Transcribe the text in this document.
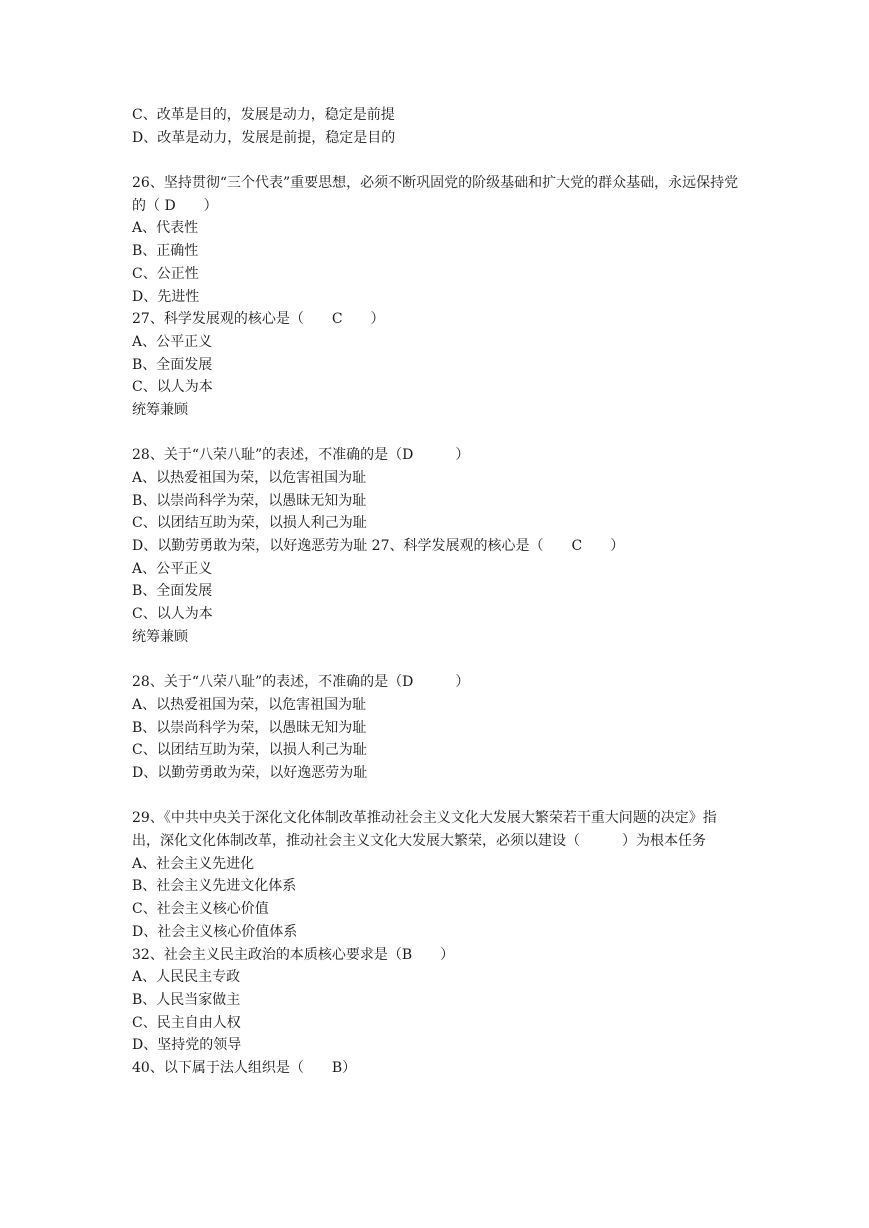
C、改革是目的，发展是动力，稳定是前提
D、改革是动力，发展是前提，稳定是目的
26、坚持贯彻“三个代表”重要思想，必须不断巩固党的阶级基础和扩大党的群众基础，永远保持党的（ D　　）
A、代表性
B、正确性
C、公正性
D、先进性
27、科学发展观的核心是（　　C　　）
A、公平正义
B、全面发展
C、以人为本
统筹兼顾
28、关于“八荣八耻”的表述，不准确的是（D　　　）
A、以热爱祖国为荣，以危害祖国为耻
B、以崇尚科学为荣，以愚昧无知为耻
C、以团结互助为荣，以损人利己为耻
D、以勤劳勇敢为荣，以好逸恶劳为耻 27、科学发展观的核心是（　　C　　）
A、公平正义
B、全面发展
C、以人为本
统筹兼顾
28、关于“八荣八耻”的表述，不准确的是（D　　　）
A、以热爱祖国为荣，以危害祖国为耻
B、以崇尚科学为荣，以愚昧无知为耻
C、以团结互助为荣，以损人利己为耻
D、以勤劳勇敢为荣，以好逸恶劳为耻
29、《中共中央关于深化文化体制改革推动社会主义文化大发展大繁荣若干重大问题的决定》指出，深化文化体制改革，推动社会主义文化大发展大繁荣，必须以建设（　　　）为根本任务
A、社会主义先进化
B、社会主义先进文化体系
C、社会主义核心价值
D、社会主义核心价值体系
32、社会主义民主政治的本质核心要求是（B　　）
A、人民民主专政
B、人民当家做主
C、民主自由人权
D、坚持党的领导
40、以下属于法人组织是（　　B）
